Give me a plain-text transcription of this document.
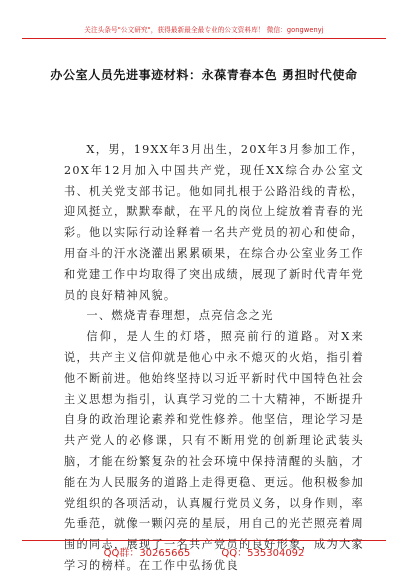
关注头条号"公文研究"，获得最新最全最专业的公文资料库！ 微信：gongwenyj
办公室人员先进事迹材料：永葆青春本色 勇担时代使命

X，男，19XX年3月出生，20X年3月参加工作，20X年12月加入中国共产党，现任XX综合办公室文书、机关党支部书记。他如同扎根于公路沿线的青松，迎风挺立，默默奉献，在平凡的岗位上绽放着青春的光彩。他以实际行动诠释着一名共产党员的初心和使命，用奋斗的汗水浇灌出累累硕果，在综合办公室业务工作和党建工作中均取得了突出成绩，展现了新时代青年党员的良好精神风貌。

一、燃烧青春理想，点亮信念之光

信仰，是人生的灯塔，照亮前行的道路。对X来说，共产主义信仰就是他心中永不熄灭的火焰，指引着他不断前进。他始终坚持以习近平新时代中国特色社会主义思想为指引，认真学习党的二十大精神，不断提升自身的政治理论素养和党性修养。他坚信，理论学习是共产党人的必修课，只有不断用党的创新理论武装头脑，才能在纷繁复杂的社会环境中保持清醒的头脑，才能在为人民服务的道路上走得更稳、更远。他积极参加党组织的各项活动，认真履行党员义务，以身作则，率先垂范，就像一颗闪亮的星辰，用自己的光芒照亮着周围的同志，展现了一名共产党员的良好形象，成为大家学习的榜样。在工作中弘扬优良

QQ群：30265665	QQ：535304092
